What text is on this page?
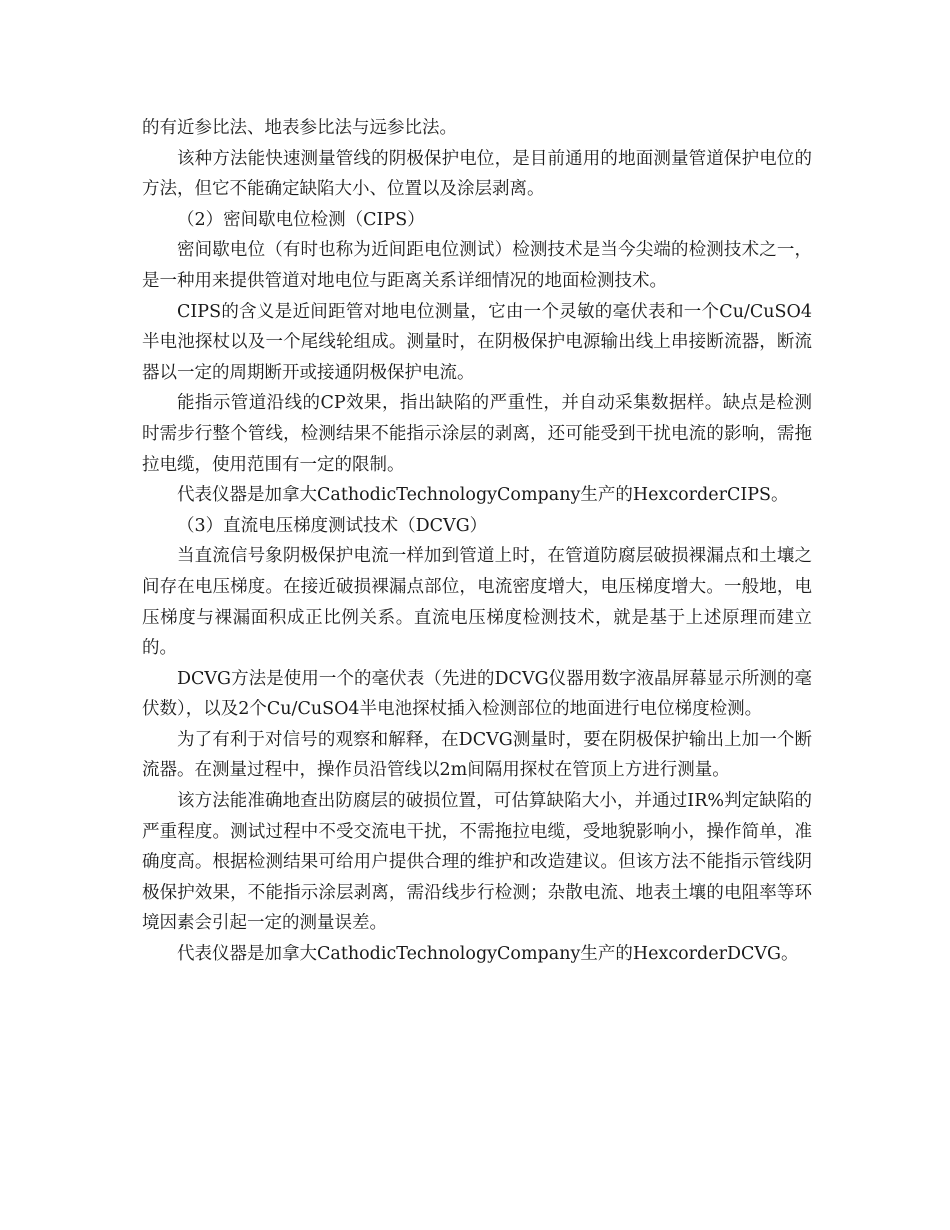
的有近参比法、地表参比法与远参比法。

该种方法能快速测量管线的阴极保护电位，是目前通用的地面测量管道保护电位的方法，但它不能确定缺陷大小、位置以及涂层剥离。

（2）密间歇电位检测（CIPS）

密间歇电位（有时也称为近间距电位测试）检测技术是当今尖端的检测技术之一，是一种用来提供管道对地电位与距离关系详细情况的地面检测技术。

CIPS的含义是近间距管对地电位测量，它由一个灵敏的毫伏表和一个Cu/CuSO4半电池探杖以及一个尾线轮组成。测量时，在阴极保护电源输出线上串接断流器，断流器以一定的周期断开或接通阴极保护电流。

能指示管道沿线的CP效果，指出缺陷的严重性，并自动采集数据样。缺点是检测时需步行整个管线，检测结果不能指示涂层的剥离，还可能受到干扰电流的影响，需拖拉电缆，使用范围有一定的限制。

代表仪器是加拿大CathodicTechnologyCompany生产的HexcorderCIPS。

（3）直流电压梯度测试技术（DCVG）

当直流信号象阴极保护电流一样加到管道上时，在管道防腐层破损裸漏点和土壤之间存在电压梯度。在接近破损裸漏点部位，电流密度增大，电压梯度增大。一般地，电压梯度与裸漏面积成正比例关系。直流电压梯度检测技术，就是基于上述原理而建立的。

DCVG方法是使用一个的毫伏表（先进的DCVG仪器用数字液晶屏幕显示所测的毫伏数），以及2个Cu/CuSO4半电池探杖插入检测部位的地面进行电位梯度检测。

为了有利于对信号的观察和解释，在DCVG测量时，要在阴极保护输出上加一个断流器。在测量过程中，操作员沿管线以2m间隔用探杖在管顶上方进行测量。

该方法能准确地查出防腐层的破损位置，可估算缺陷大小，并通过IR%判定缺陷的严重程度。测试过程中不受交流电干扰，不需拖拉电缆，受地貌影响小，操作简单，准确度高。根据检测结果可给用户提供合理的维护和改造建议。但该方法不能指示管线阴极保护效果，不能指示涂层剥离，需沿线步行检测；杂散电流、地表土壤的电阻率等环境因素会引起一定的测量误差。

代表仪器是加拿大CathodicTechnologyCompany生产的HexcorderDCVG。
